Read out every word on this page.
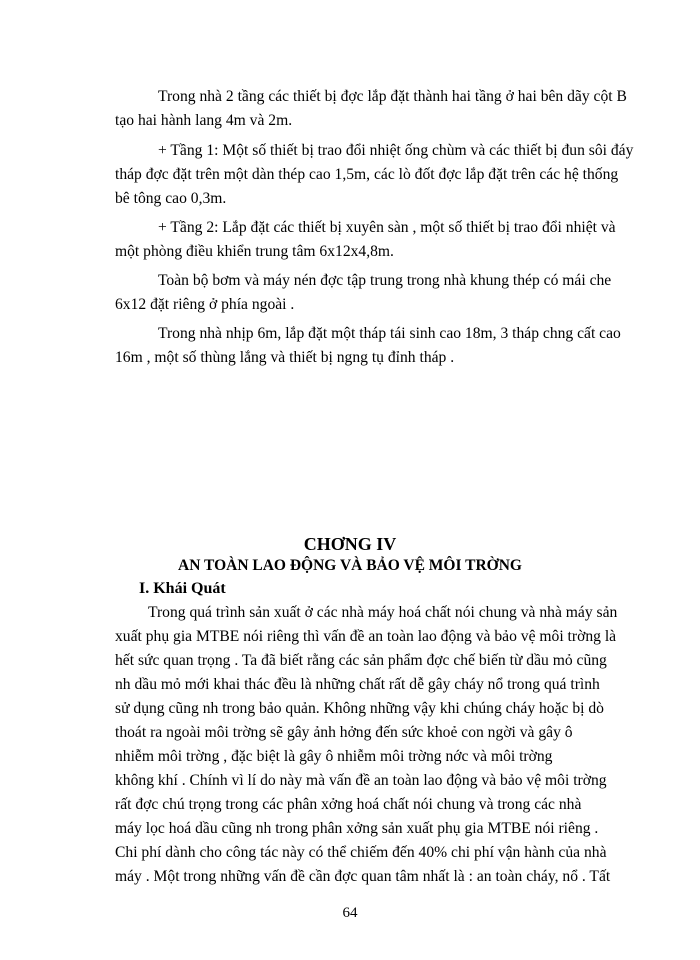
Trong nhà 2 tầng các thiết bị đợc lắp đặt thành hai tầng ở hai bên dãy cột B

tạo hai hành lang 4m và 2m.

+ Tầng 1: Một số thiết bị trao đổi nhiệt ống chùm và các thiết bị đun sôi đáy

tháp đợc đặt trên một dàn thép cao 1,5m, các lò đốt đợc lắp đặt trên các hệ thống

bê tông cao 0,3m.

+ Tầng 2: Lắp đặt các thiết bị xuyên sàn , một số thiết bị trao đổi nhiệt và

một phòng điều khiển trung tâm 6x12x4,8m.

Toàn bộ bơm và máy nén đợc tập trung trong nhà khung thép có mái che

6x12 đặt riêng ở phía ngoài .

Trong nhà nhịp 6m, lắp đặt một tháp tái sinh cao 18m, 3 tháp chng cất cao

16m , một số thùng lắng và thiết bị ngng tụ đỉnh tháp .

CHƠNG IV

AN TOÀN LAO ĐỘNG VÀ BẢO VỆ MÔI TRỜNG

I. Khái Quát

Trong quá trình sản xuất ở các nhà máy hoá chất nói chung và nhà máy sản

xuất phụ gia MTBE nói riêng thì vấn đề an toàn lao động và bảo vệ môi trờng là

hết sức quan trọng . Ta đã biết rằng các sản phẩm đợc chế biến từ dầu mỏ cũng

nh dầu mỏ mới khai thác đều là những chất rất dễ gây cháy nổ trong quá trình

sử dụng cũng nh trong bảo quản. Không những vậy khi chúng cháy hoặc bị dò

thoát ra ngoài môi trờng sẽ gây ảnh hởng đến sức khoẻ con ngời và gây ô

nhiễm môi trờng , đặc biệt là gây ô nhiễm môi trờng nớc và môi trờng

không khí . Chính vì lí do này mà vấn đề an toàn lao động và bảo vệ môi trờng

rất đợc chú trọng trong các phân xởng hoá chất nói chung và trong các nhà

máy lọc hoá dầu cũng nh trong phân xởng sản xuất phụ gia MTBE nói riêng .

Chi phí dành cho công tác này có thể chiếm đến 40% chi phí vận hành của nhà

máy . Một trong những vấn đề cần đợc quan tâm nhất là : an toàn cháy, nổ . Tất

64
